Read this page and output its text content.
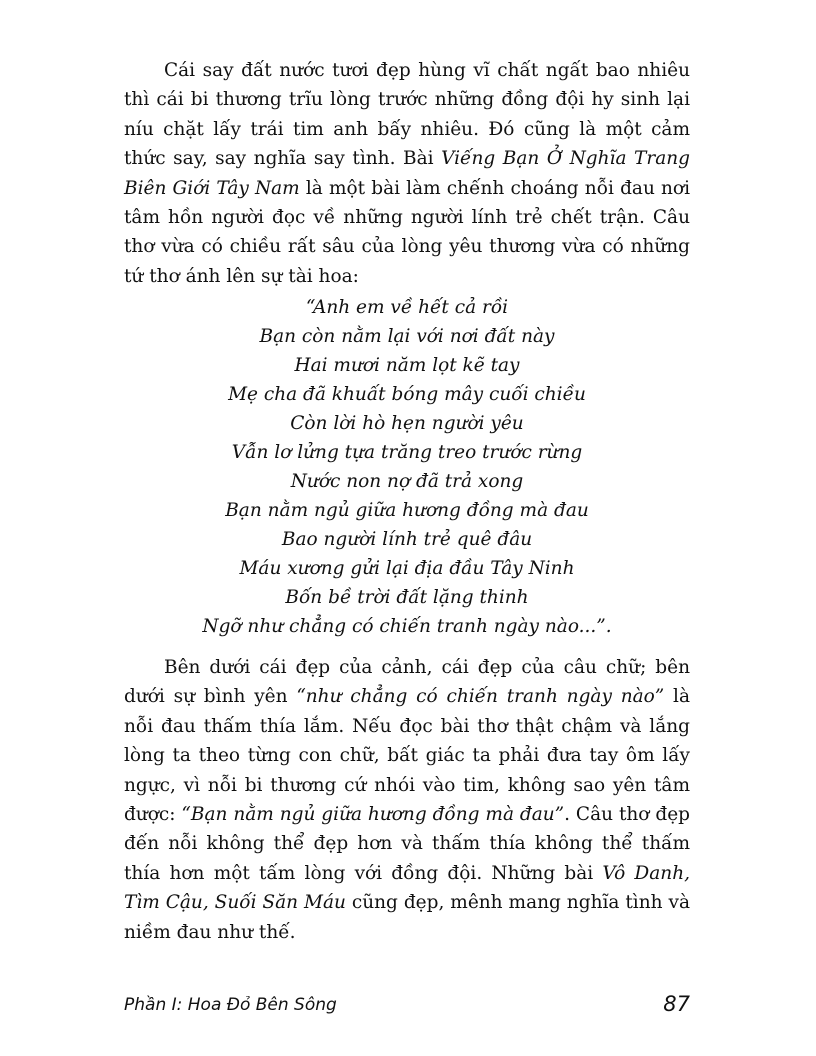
Cái say đất nước tươi đẹp hùng vĩ chất ngất bao nhiêu thì cái bi thương trĩu lòng trước những đồng đội hy sinh lại níu chặt lấy trái tim anh bấy nhiêu. Đó cũng là một cảm thức say, say nghĩa say tình. Bài Viếng Bạn Ở Nghĩa Trang Biên Giới Tây Nam là một bài làm chếnh choáng nỗi đau nơi tâm hồn người đọc về những người lính trẻ chết trận. Câu thơ vừa có chiều rất sâu của lòng yêu thương vừa có những tứ thơ ánh lên sự tài hoa:

“Anh em về hết cả rồi
Bạn còn nằm lại với nơi đất này
Hai mươi năm lọt kẽ tay
Mẹ cha đã khuất bóng mây cuối chiều
Còn lời hò hẹn người yêu
Vẫn lơ lửng tựa trăng treo trước rừng
Nước non nợ đã trả xong
Bạn nằm ngủ giữa hương đồng mà đau
Bao người lính trẻ quê đâu
Máu xương gửi lại địa đầu Tây Ninh
Bốn bề trời đất lặng thinh
Ngỡ như chẳng có chiến tranh ngày nào...”.

Bên dưới cái đẹp của cảnh, cái đẹp của câu chữ; bên dưới sự bình yên “như chẳng có chiến tranh ngày nào” là nỗi đau thấm thía lắm. Nếu đọc bài thơ thật chậm và lắng lòng ta theo từng con chữ, bất giác ta phải đưa tay ôm lấy ngực, vì nỗi bi thương cứ nhói vào tim, không sao yên tâm được: “Bạn nằm ngủ giữa hương đồng mà đau”. Câu thơ đẹp đến nỗi không thể đẹp hơn và thấm thía không thể thấm thía hơn một tấm lòng với đồng đội. Những bài Vô Danh, Tìm Cậu, Suối Săn Máu cũng đẹp, mênh mang nghĩa tình và niềm đau như thế.

Phần I: Hoa Đỏ Bên Sông	87
